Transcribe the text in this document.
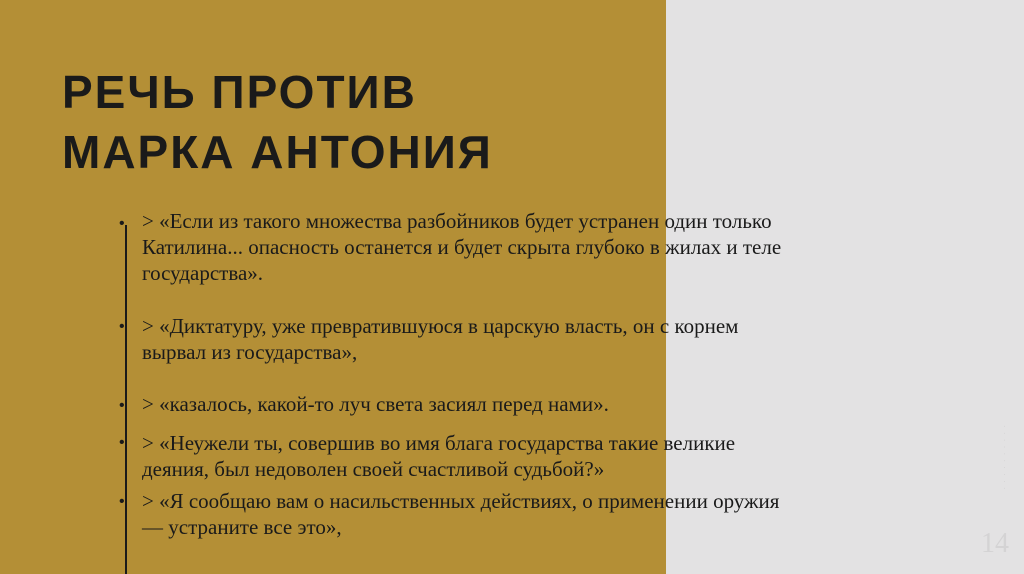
РЕЧЬ ПРОТИВ
МАРКА АНТОНИЯ
• > «Если из такого множества разбойников будет устранен один только
Катилина... опасность останется и будет скрыта глубоко в жилах и теле
государства».

• > «Диктатуру, уже превратившуюся в царскую власть, он с корнем
вырвал из государства»,

• > «казалось, какой-то луч света засиял перед нами».

• > «Неужели ты, совершив во имя блага государства такие великие
деяния, был недоволен своей счастливой судьбой?»

• > «Я сообщаю вам о насильственных действиях, о применении оружия
— устраните все это»,

· · · · · · · · · ·
14
